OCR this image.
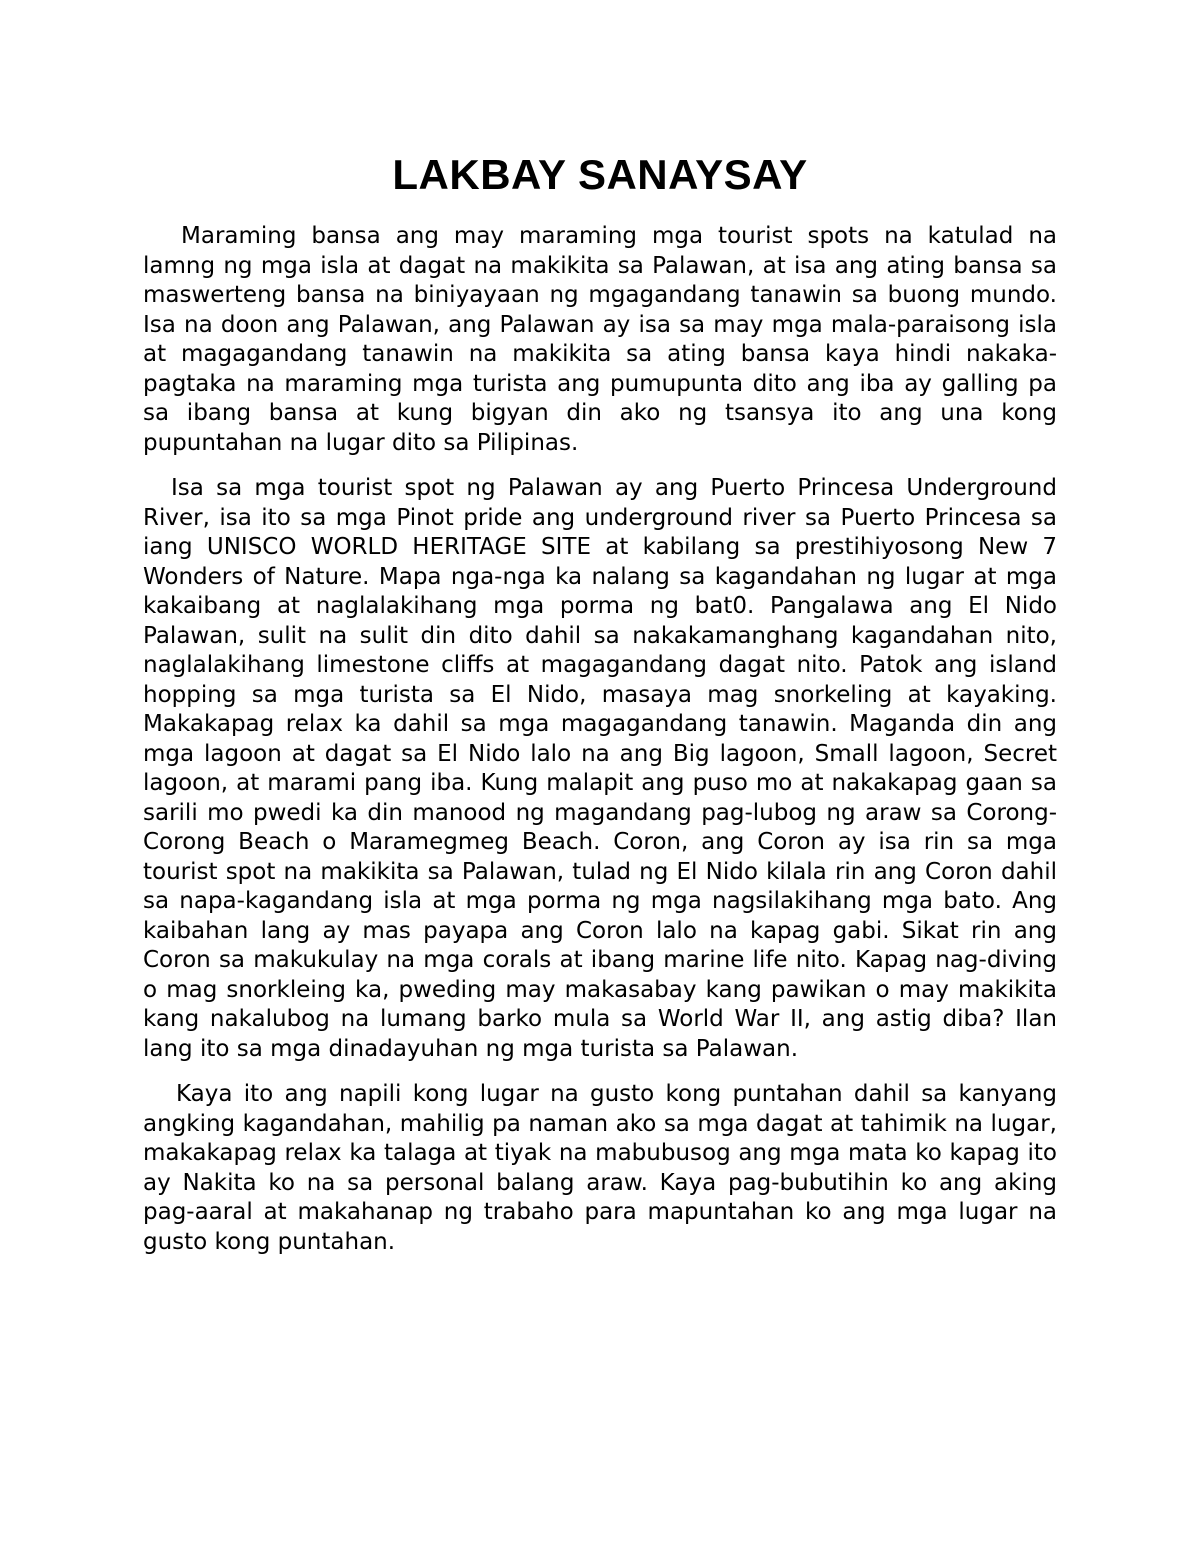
LAKBAY SANAYSAY

Maraming bansa ang may maraming mga tourist spots na katulad na lamng ng mga isla at dagat na makikita sa Palawan, at isa ang ating bansa sa maswerteng bansa na biniyayaan ng mgagandang tanawin sa buong mundo. Isa na doon ang Palawan, ang Palawan ay isa sa may mga mala-paraisong isla at magagandang tanawin na makikita sa ating bansa kaya hindi nakaka-pagtaka na maraming mga turista ang pumupunta dito ang iba ay galling pa sa ibang bansa at kung bigyan din ako ng tsansya ito ang una kong pupuntahan na lugar dito sa Pilipinas.

Isa sa mga tourist spot ng Palawan ay ang Puerto Princesa Underground River, isa ito sa mga Pinot pride ang underground river sa Puerto Princesa sa iang UNISCO WORLD HERITAGE SITE at kabilang sa prestihiyosong New 7 Wonders of Nature. Mapa nga-nga ka nalang sa kagandahan ng lugar at mga kakaibang at naglalakihang mga porma ng bat0. Pangalawa ang El Nido Palawan, sulit na sulit din dito dahil sa nakakamanghang kagandahan nito, naglalakihang limestone cliffs at magagandang dagat nito. Patok ang island hopping sa mga turista sa El Nido, masaya mag snorkeling at kayaking. Makakapag relax ka dahil sa mga magagandang tanawin. Maganda din ang mga lagoon at dagat sa El Nido lalo na ang Big lagoon, Small lagoon, Secret lagoon, at marami pang iba. Kung malapit ang puso mo at nakakapag gaan sa sarili mo pwedi ka din manood ng magandang pag-lubog ng araw sa Corong-Corong Beach o Maramegmeg Beach. Coron, ang Coron ay isa rin sa mga tourist spot na makikita sa Palawan, tulad ng El Nido kilala rin ang Coron dahil sa napa-kagandang isla at mga porma ng mga nagsilakihang mga bato. Ang kaibahan lang ay mas payapa ang Coron lalo na kapag gabi. Sikat rin ang Coron sa makukulay na mga corals at ibang marine life nito. Kapag nag-diving o mag snorkleing ka, pweding may makasabay kang pawikan o may makikita kang nakalubog na lumang barko mula sa World War II, ang astig diba? Ilan lang ito sa mga dinadayuhan ng mga turista sa Palawan.

Kaya ito ang napili kong lugar na gusto kong puntahan dahil sa kanyang angking kagandahan, mahilig pa naman ako sa mga dagat at tahimik na lugar, makakapag relax ka talaga at tiyak na mabubusog ang mga mata ko kapag ito ay Nakita ko na sa personal balang araw. Kaya pag-bubutihin ko ang aking pag-aaral at makahanap ng trabaho para mapuntahan ko ang mga lugar na gusto kong puntahan.
